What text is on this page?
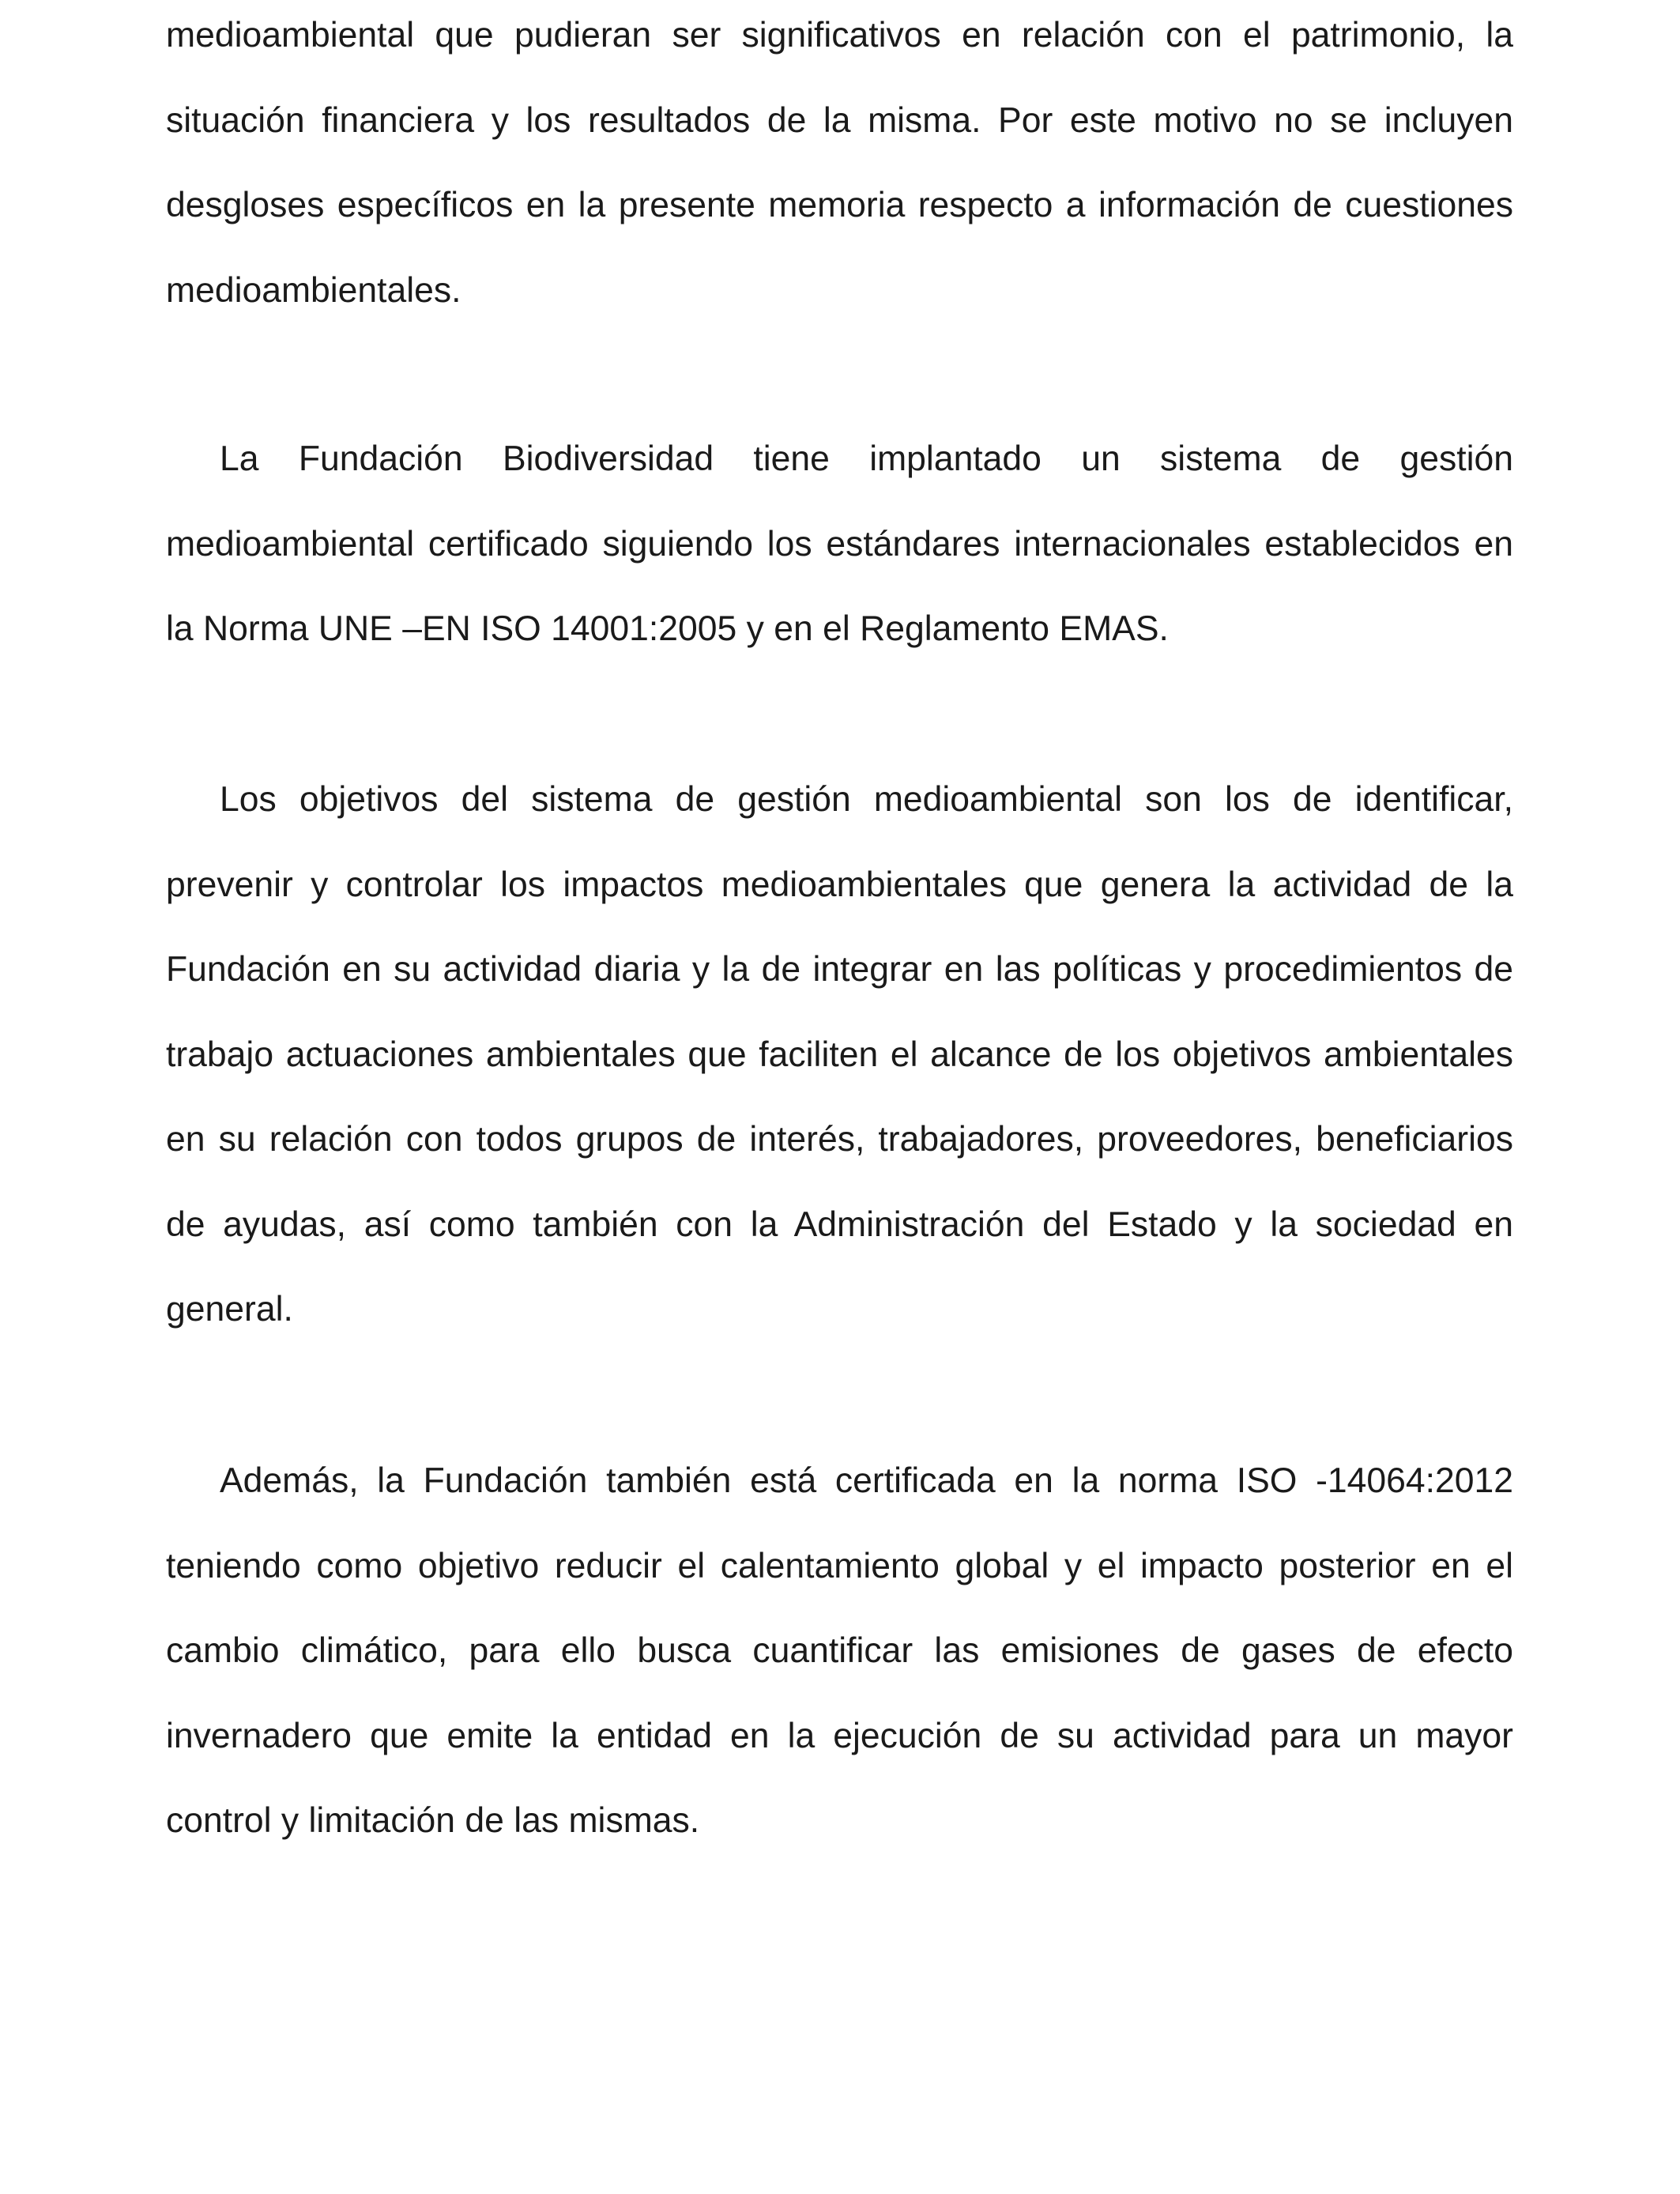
medioambiental que pudieran ser significativos en relación con el patrimonio, la situación financiera y los resultados de la misma. Por este motivo no se incluyen desgloses específicos en la presente memoria respecto a información de cuestiones medioambientales.

La Fundación Biodiversidad tiene implantado un sistema de gestión medioambiental certificado siguiendo los estándares internacionales establecidos en la Norma UNE –EN ISO 14001:2005 y en el Reglamento EMAS.

Los objetivos del sistema de gestión medioambiental son los de identificar, prevenir y controlar los impactos medioambientales que genera la actividad de la Fundación en su actividad diaria y la de integrar en las políticas y procedimientos de trabajo actuaciones ambientales que faciliten el alcance de los objetivos ambientales en su relación con todos grupos de interés, trabajadores, proveedores, beneficiarios de ayudas, así como también con la Administración del Estado y la sociedad en general.

Además, la Fundación también está certificada en la norma ISO -14064:2012 teniendo como objetivo reducir el calentamiento global y el impacto posterior en el cambio climático, para ello busca cuantificar las emisiones de gases de efecto invernadero que emite la entidad en la ejecución de su actividad para un mayor control y limitación de las mismas.
